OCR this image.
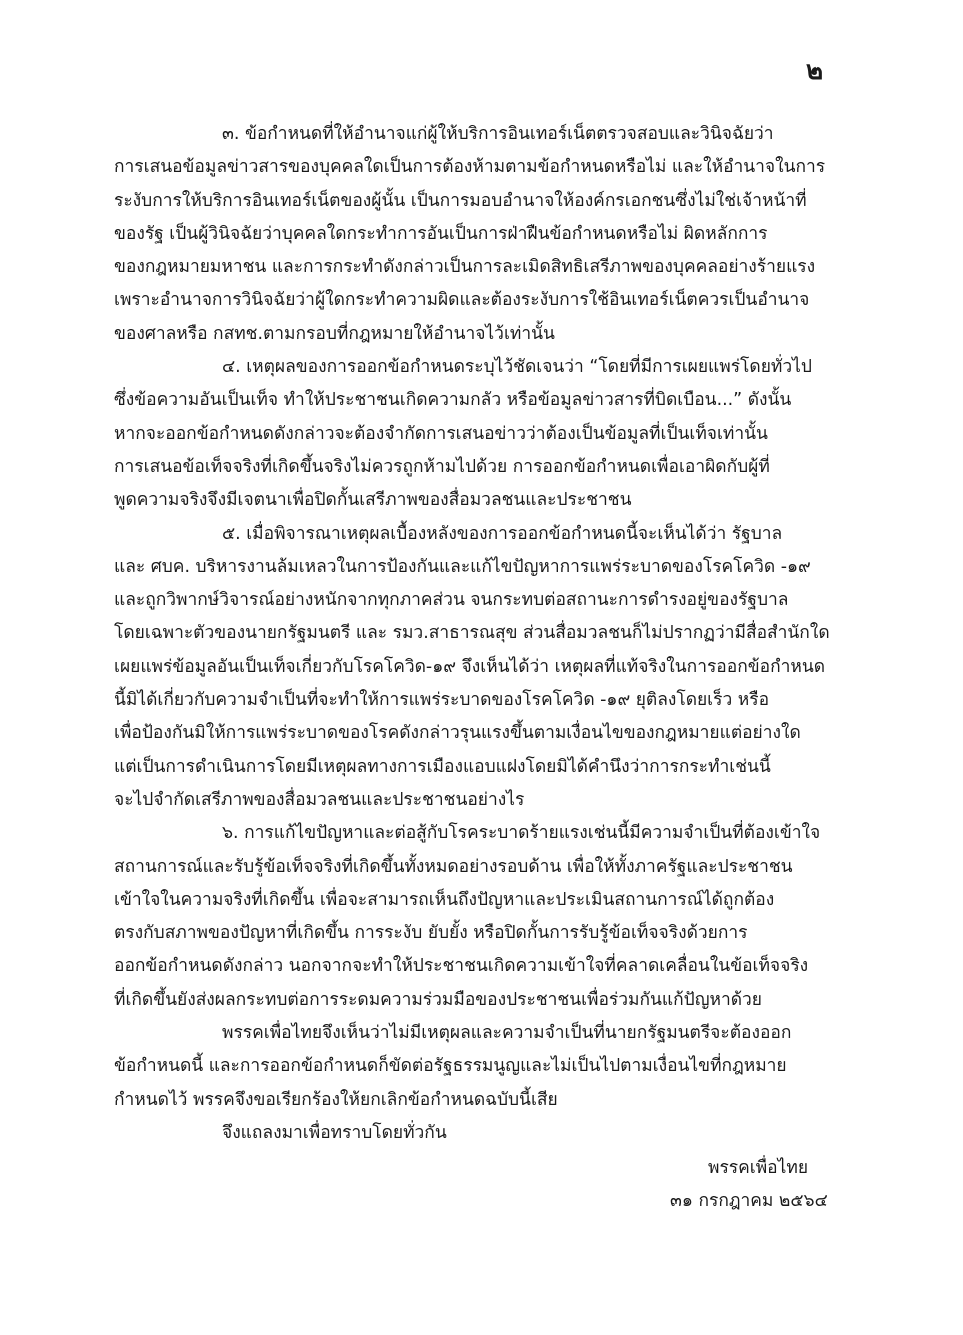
๒
๓. ข้อกำหนดที่ให้อำนาจแก่ผู้ให้บริการอินเทอร์เน็ตตรวจสอบและวินิจฉัยว่า
การเสนอข้อมูลข่าวสารของบุคคลใดเป็นการต้องห้ามตามข้อกำหนดหรือไม่ และให้อำนาจในการ
ระงับการให้บริการอินเทอร์เน็ตของผู้นั้น เป็นการมอบอำนาจให้องค์กรเอกชนซึ่งไม่ใช่เจ้าหน้าที่
ของรัฐ เป็นผู้วินิจฉัยว่าบุคคลใดกระทำการอันเป็นการฝ่าฝืนข้อกำหนดหรือไม่ ผิดหลักการ
ของกฎหมายมหาชน และการกระทำดังกล่าวเป็นการละเมิดสิทธิเสรีภาพของบุคคลอย่างร้ายแรง
เพราะอำนาจการวินิจฉัยว่าผู้ใดกระทำความผิดและต้องระงับการใช้อินเทอร์เน็ตควรเป็นอำนาจ
ของศาลหรือ กสทช.ตามกรอบที่กฎหมายให้อำนาจไว้เท่านั้น
๔. เหตุผลของการออกข้อกำหนดระบุไว้ชัดเจนว่า “โดยที่มีการเผยแพร่โดยทั่วไป
ซึ่งข้อความอันเป็นเท็จ ทำให้ประชาชนเกิดความกลัว หรือข้อมูลข่าวสารที่บิดเบือน...” ดังนั้น
หากจะออกข้อกำหนดดังกล่าวจะต้องจำกัดการเสนอข่าวว่าต้องเป็นข้อมูลที่เป็นเท็จเท่านั้น
การเสนอข้อเท็จจริงที่เกิดขึ้นจริงไม่ควรถูกห้ามไปด้วย การออกข้อกำหนดเพื่อเอาผิดกับผู้ที่
พูดความจริงจึงมีเจตนาเพื่อปิดกั้นเสรีภาพของสื่อมวลชนและประชาชน
๕. เมื่อพิจารณาเหตุผลเบื้องหลังของการออกข้อกำหนดนี้จะเห็นได้ว่า รัฐบาล
และ ศบค. บริหารงานล้มเหลวในการป้องกันและแก้ไขปัญหาการแพร่ระบาดของโรคโควิด -๑๙
และถูกวิพากษ์วิจารณ์อย่างหนักจากทุกภาคส่วน จนกระทบต่อสถานะการดำรงอยู่ของรัฐบาล
โดยเฉพาะตัวของนายกรัฐมนตรี และ รมว.สาธารณสุข ส่วนสื่อมวลชนก็ไม่ปรากฏว่ามีสื่อสำนักใด
เผยแพร่ข้อมูลอันเป็นเท็จเกี่ยวกับโรคโควิด-๑๙ จึงเห็นได้ว่า เหตุผลที่แท้จริงในการออกข้อกำหนด
นี้มิได้เกี่ยวกับความจำเป็นที่จะทำให้การแพร่ระบาดของโรคโควิด -๑๙ ยุติลงโดยเร็ว หรือ
เพื่อป้องกันมิให้การแพร่ระบาดของโรคดังกล่าวรุนแรงขึ้นตามเงื่อนไขของกฎหมายแต่อย่างใด
แต่เป็นการดำเนินการโดยมีเหตุผลทางการเมืองแอบแฝงโดยมิได้คำนึงว่าการกระทำเช่นนี้
จะไปจำกัดเสรีภาพของสื่อมวลชนและประชาชนอย่างไร
๖. การแก้ไขปัญหาและต่อสู้กับโรคระบาดร้ายแรงเช่นนี้มีความจำเป็นที่ต้องเข้าใจ
สถานการณ์และรับรู้ข้อเท็จจริงที่เกิดขึ้นทั้งหมดอย่างรอบด้าน เพื่อให้ทั้งภาครัฐและประชาชน
เข้าใจในความจริงที่เกิดขึ้น เพื่อจะสามารถเห็นถึงปัญหาและประเมินสถานการณ์ได้ถูกต้อง
ตรงกับสภาพของปัญหาที่เกิดขึ้น การระงับ ยับยั้ง หรือปิดกั้นการรับรู้ข้อเท็จจริงด้วยการ
ออกข้อกำหนดดังกล่าว นอกจากจะทำให้ประชาชนเกิดความเข้าใจที่คลาดเคลื่อนในข้อเท็จจริง
ที่เกิดขึ้นยังส่งผลกระทบต่อการระดมความร่วมมือของประชาชนเพื่อร่วมกันแก้ปัญหาด้วย
พรรคเพื่อไทยจึงเห็นว่าไม่มีเหตุผลและความจำเป็นที่นายกรัฐมนตรีจะต้องออก
ข้อกำหนดนี้ และการออกข้อกำหนดก็ขัดต่อรัฐธรรมนูญและไม่เป็นไปตามเงื่อนไขที่กฎหมาย
กำหนดไว้ พรรคจึงขอเรียกร้องให้ยกเลิกข้อกำหนดฉบับนี้เสีย
จึงแถลงมาเพื่อทราบโดยทั่วกัน
พรรคเพื่อไทย
๓๑ กรกฎาคม ๒๕๖๔
